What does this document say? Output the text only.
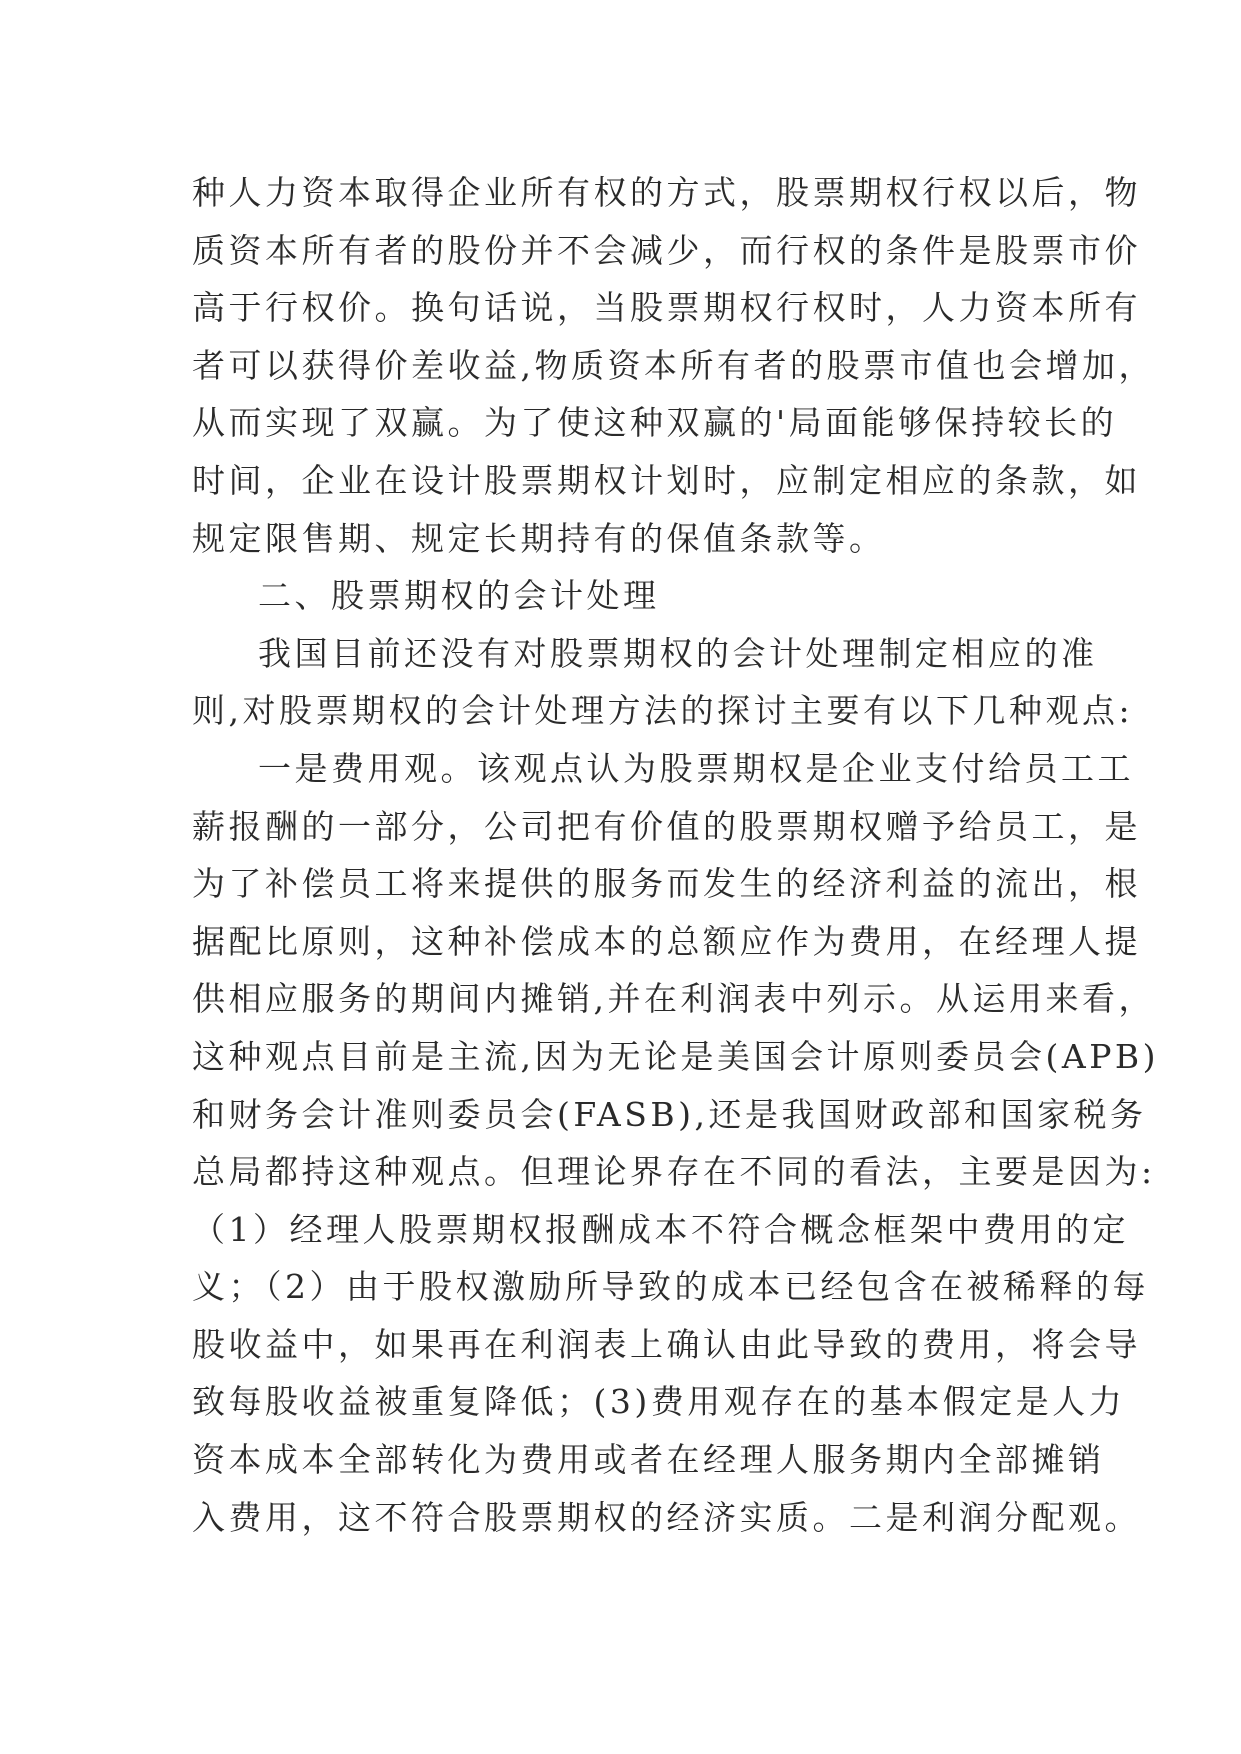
种人力资本取得企业所有权的方式，股票期权行权以后，物
质资本所有者的股份并不会减少，而行权的条件是股票市价
高于行权价。换句话说，当股票期权行权时，人力资本所有
者可以获得价差收益,物质资本所有者的股票市值也会增加，
从而实现了双赢。为了使这种双赢的'局面能够保持较长的
时间，企业在设计股票期权计划时，应制定相应的条款，如
规定限售期、规定长期持有的保值条款等。
二、股票期权的会计处理
我国目前还没有对股票期权的会计处理制定相应的准
则,对股票期权的会计处理方法的探讨主要有以下几种观点:
一是费用观。该观点认为股票期权是企业支付给员工工
薪报酬的一部分，公司把有价值的股票期权赠予给员工，是
为了补偿员工将来提供的服务而发生的经济利益的流出，根
据配比原则，这种补偿成本的总额应作为费用，在经理人提
供相应服务的期间内摊销,并在利润表中列示。从运用来看，
这种观点目前是主流,因为无论是美国会计原则委员会(APB)
和财务会计准则委员会(FASB),还是我国财政部和国家税务
总局都持这种观点。但理论界存在不同的看法，主要是因为:
（1）经理人股票期权报酬成本不符合概念框架中费用的定
义；（2）由于股权激励所导致的成本已经包含在被稀释的每
股收益中，如果再在利润表上确认由此导致的费用，将会导
致每股收益被重复降低；(3)费用观存在的基本假定是人力
资本成本全部转化为费用或者在经理人服务期内全部摊销
入费用，这不符合股票期权的经济实质。二是利润分配观。
